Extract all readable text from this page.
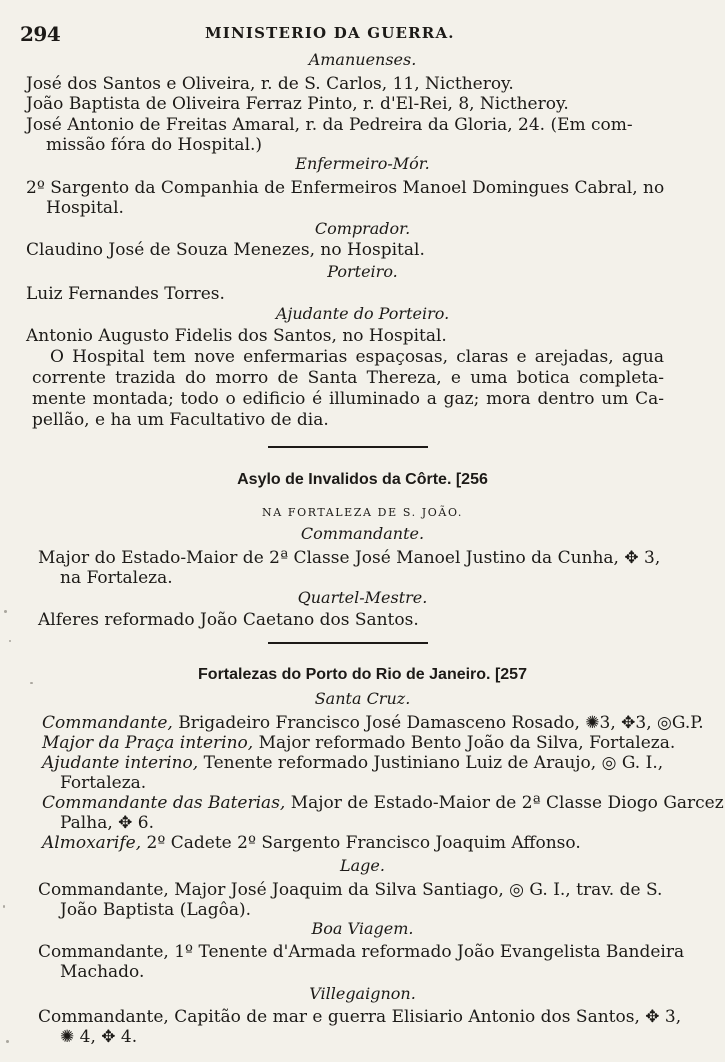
294	MINISTERIO DA GUERRA.
Amanuenses.
José dos Santos e Oliveira, r. de S. Carlos, 11, Nictheroy.
João Baptista de Oliveira Ferraz Pinto, r. d'El-Rei, 8, Nictheroy.
José Antonio de Freitas Amaral, r. da Pedreira da Gloria, 24. (Em com-
missão fóra do Hospital.)
Enfermeiro-Mór.
2º Sargento da Companhia de Enfermeiros Manoel Domingues Cabral, no
Hospital.
Comprador.
Claudino José de Souza Menezes, no Hospital.
Porteiro.
Luiz Fernandes Torres.
Ajudante do Porteiro.
Antonio Augusto Fidelis dos Santos, no Hospital.
O Hospital tem nove enfermarias espaçosas, claras e arejadas, agua
corrente trazida do morro de Santa Thereza, e uma botica completa-
mente montada; todo o edificio é illuminado a gaz; mora dentro um Ca-
pellão, e ha um Facultativo de dia.
Asylo de Invalidos da Côrte. [256
NA FORTALEZA DE S. JOÃO.
Commandante.
Major do Estado-Maior de 2ª Classe José Manoel Justino da Cunha, ✥ 3,
na Fortaleza.
Quartel-Mestre.
Alferes reformado João Caetano dos Santos.
Fortalezas do Porto do Rio de Janeiro. [257
Santa Cruz.
Commandante, Brigadeiro Francisco José Damasceno Rosado, ✺3, ✥3, ◎G.P.
Major da Praça interino, Major reformado Bento João da Silva, Fortaleza.
Ajudante interino, Tenente reformado Justiniano Luiz de Araujo, ◎ G. I.,
Fortaleza.
Commandante das Baterias, Major de Estado-Maior de 2ª Classe Diogo Garcez
Palha, ✥ 6.
Almoxarife, 2º Cadete 2º Sargento Francisco Joaquim Affonso.
Lage.
Commandante, Major José Joaquim da Silva Santiago, ◎ G. I., trav. de S.
João Baptista (Lagôa).
Boa Viagem.
Commandante, 1º Tenente d'Armada reformado João Evangelista Bandeira
Machado.
Villegaignon.
Commandante, Capitão de mar e guerra Elisiario Antonio dos Santos, ✥ 3,
✺ 4, ✥ 4.
